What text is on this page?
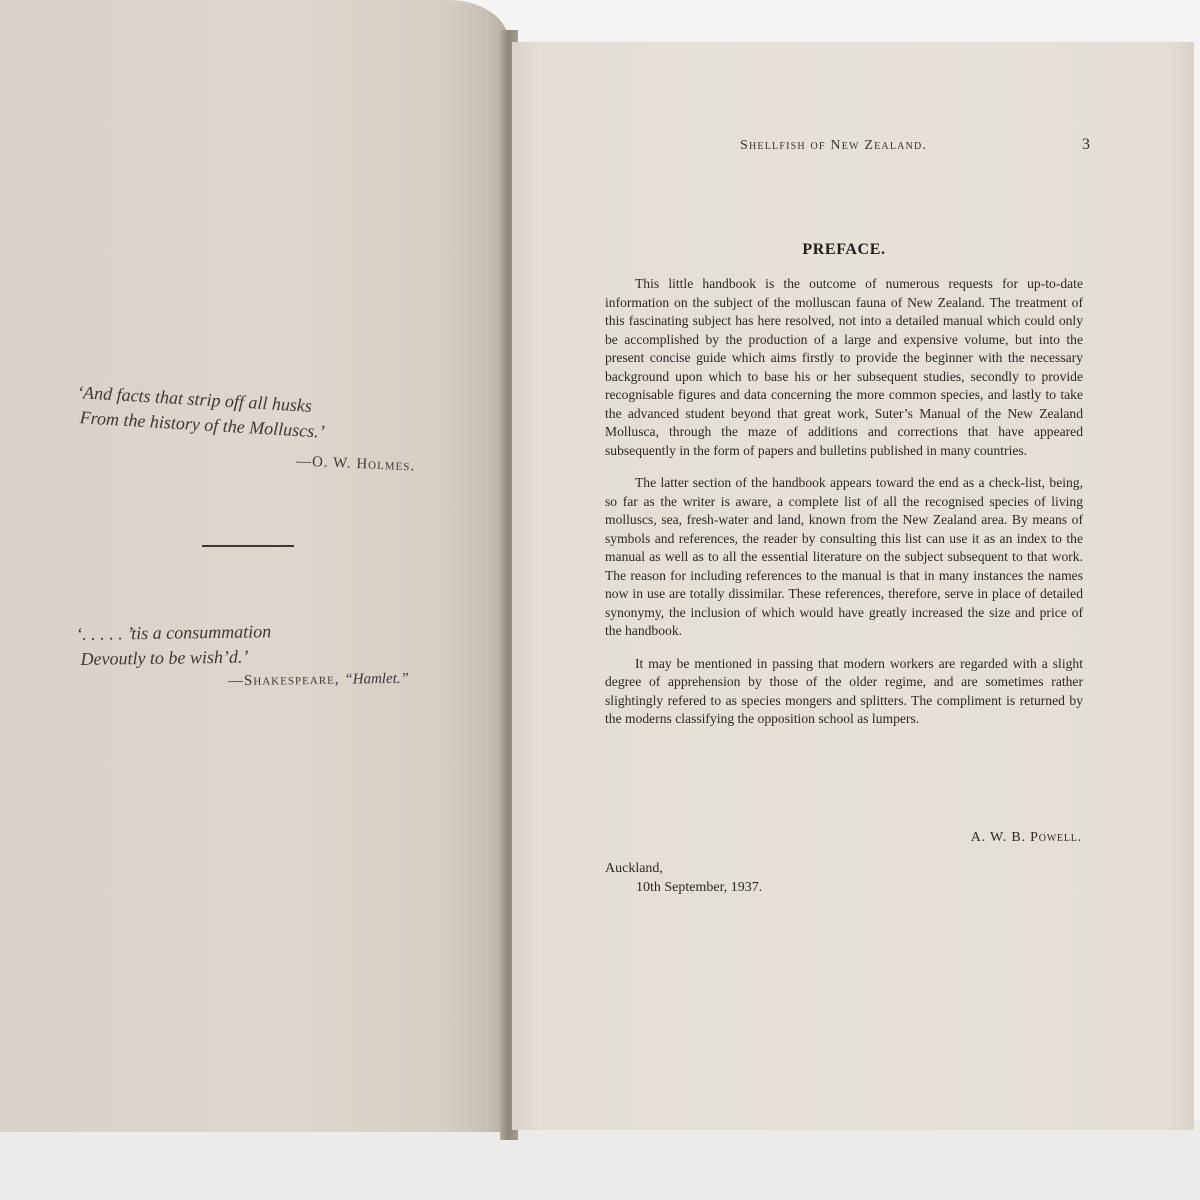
‘And facts that strip off all husks
From the history of the Molluscs.’
—O. W. Holmes.
‘. . . . . ’tis a consummation
Devoutly to be wish’d.’
—Shakespeare, “Hamlet.”
Shellfish of New Zealand.	3
PREFACE.

This little handbook is the outcome of numerous requests for up-to-date information on the subject of the molluscan fauna of New Zealand. The treatment of this fascinating subject has here resolved, not into a detailed manual which could only be accomplished by the production of a large and expensive volume, but into the present concise guide which aims firstly to provide the beginner with the necessary background upon which to base his or her subsequent studies, secondly to provide recognisable figures and data concerning the more common species, and lastly to take the advanced student beyond that great work, Suter’s Manual of the New Zealand Mollusca, through the maze of additions and corrections that have appeared subsequently in the form of papers and bulletins published in many countries.

The latter section of the handbook appears toward the end as a check-list, being, so far as the writer is aware, a complete list of all the recognised species of living molluscs, sea, fresh-water and land, known from the New Zealand area. By means of symbols and references, the reader by consulting this list can use it as an index to the manual as well as to all the essential literature on the subject subsequent to that work. The reason for including references to the manual is that in many instances the names now in use are totally dissimilar. These references, therefore, serve in place of detailed synonymy, the inclusion of which would have greatly increased the size and price of the handbook.

It may be mentioned in passing that modern workers are regarded with a slight degree of apprehension by those of the older regime, and are sometimes rather slightingly refered to as species mongers and splitters. The compliment is returned by the moderns classifying the opposition school as lumpers.

A. W. B. Powell.
Auckland,
10th September, 1937.
